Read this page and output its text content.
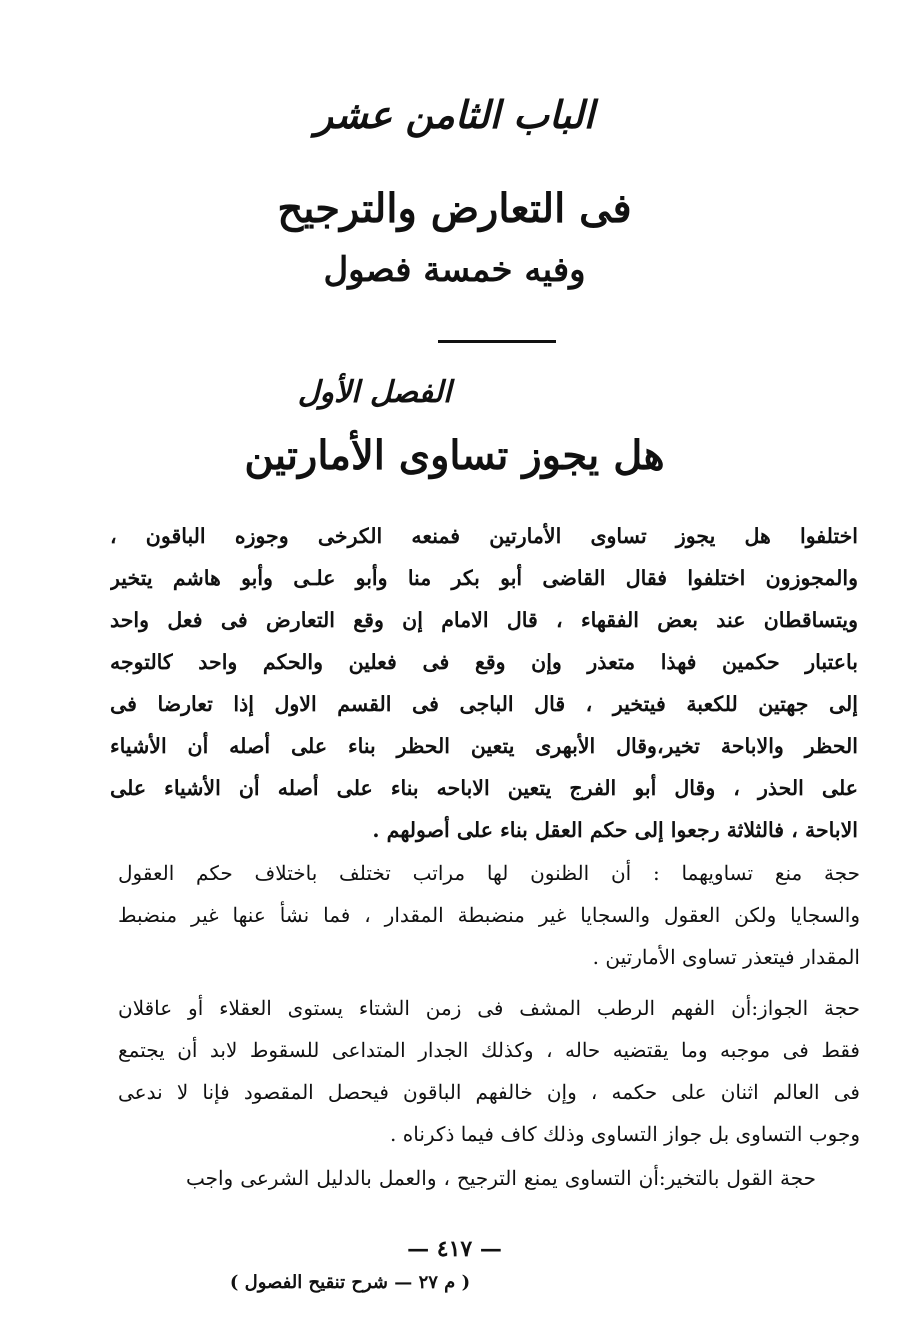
الباب الثامن عشر
فى التعارض والترجيح
وفيه خمسة فصول
الفصل الأول
هل يجوز تساوى الأمارتين
اختلفوا هل يجوز تساوى الأمارتين فمنعه الكرخى وجوزه الباقون ،
والمجوزون اختلفوا فقال القاضى أبو بكر منا وأبو علـى وأبو هاشم يتخير
ويتساقطان عند بعض الفقهاء ، قال الامام إن وقع التعارض فى فعل واحد
باعتبار حكمين فهذا متعذر وإن وقع فى فعلين والحكم واحد كالتوجه
إلى جهتين للكعبة فيتخير ، قال الباجى فى القسم الاول إذا تعارضا فى
الحظر والاباحة تخير،وقال الأبهرى يتعين الحظر بناء على أصله أن الأشياء
على الحذر ، وقال أبو الفرج يتعين الاباحه بناء على أصله أن الأشياء على
الاباحة ، فالثلاثة رجعوا إلى حكم العقل بناء على أصولهم .
حجة منع تساويهما : أن الظنون لها مراتب تختلف باختلاف حكم العقول
والسجايا ولكن العقول والسجايا غير منضبطة المقدار ، فما نشأ عنها غير منضبط
المقدار فيتعذر تساوى الأمارتين .
حجة الجواز:أن الفهم الرطب المشف فى زمن الشتاء يستوى العقلاء أو عاقلان
فقط فى موجبه وما يقتضيه حاله ، وكذلك الجدار المتداعى للسقوط لابد أن يجتمع
فى العالم اثنان على حكمه ، وإن خالفهم الباقون فيحصل المقصود فإنا لا ندعى
وجوب التساوى بل جواز التساوى وذلك كاف فيما ذكرناه .
حجة القول بالتخير:أن التساوى يمنع الترجيح ، والعمل بالدليل الشرعى واجب
— ٤١٧ —
( م ٢٧ — شرح تنقيح الفصول )
